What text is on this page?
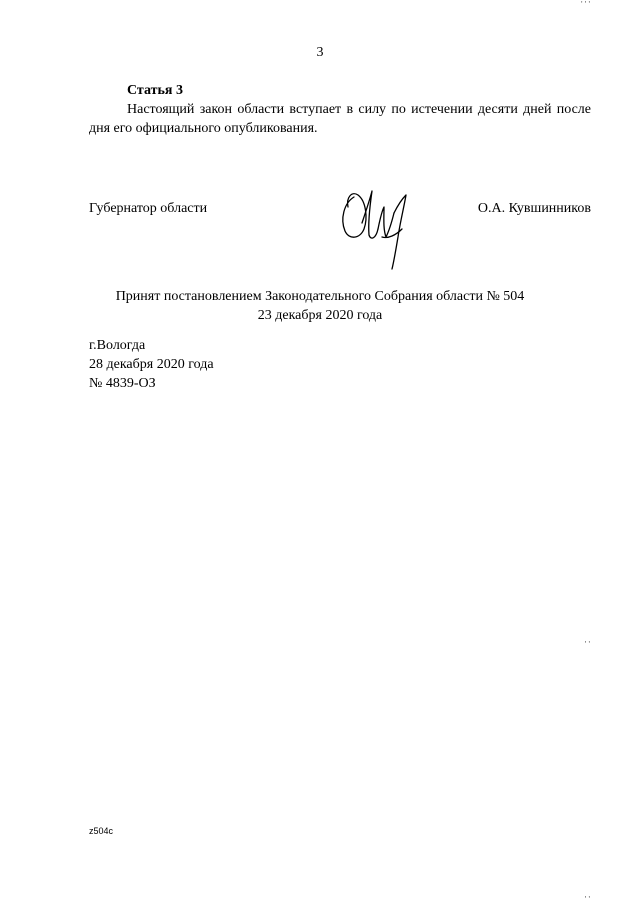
3
Статья 3

Настоящий закон области вступает в силу по истечении десяти дней после дня его официального опубликования.

Губернатор области	О.А. Кувшинников
Принят постановлением Законодательного Собрания области № 504
23 декабря 2020 года
г.Вологда
28 декабря 2020 года
№ 4839-ОЗ
z504c
' ' '
' '
' '
